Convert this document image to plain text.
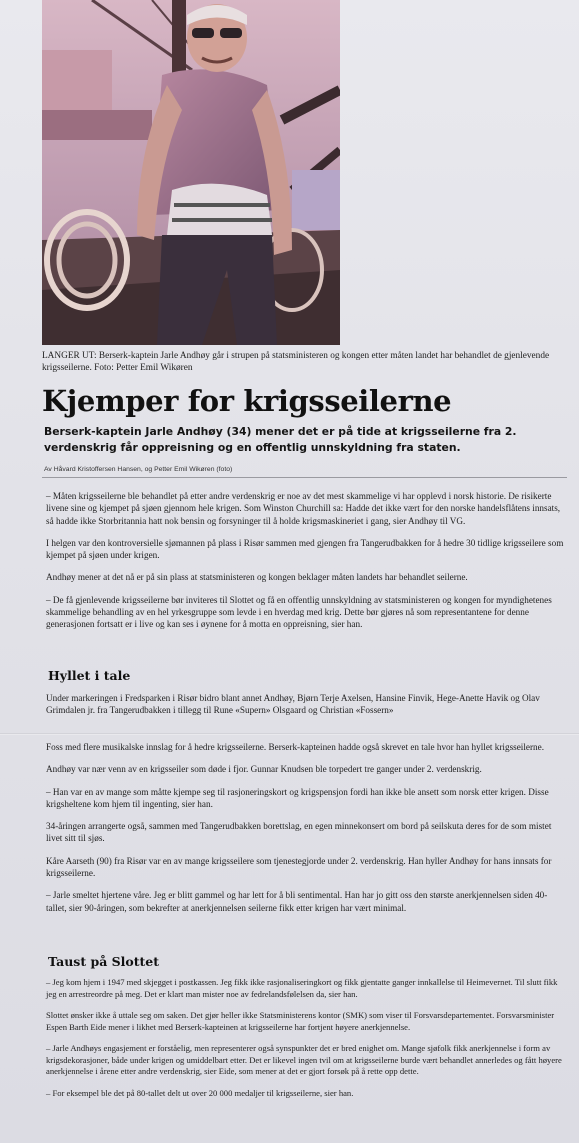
LANGER UT: Berserk-kaptein Jarle Andhøy går i strupen på statsministeren og kongen etter måten landet har behandlet de gjenlevende krigsseilerne. Foto: Petter Emil Wikøren
Kjemper for krigsseilerne
Berserk-kaptein Jarle Andhøy (34) mener det er på tide at krigsseilerne fra 2. verdenskrig får oppreisning og en offentlig unnskyldning fra staten.
Av Håvard Kristoffersen Hansen, og Petter Emil Wikøren (foto)

– Måten krigsseilerne ble behandlet på etter andre verdenskrig er noe av det mest skammelige vi har opplevd i norsk historie. De risikerte livene sine og kjempet på sjøen gjennom hele krigen. Som Winston Churchill sa: Hadde det ikke vært for den norske handelsflåtens innsats, så hadde ikke Storbritannia hatt nok bensin og forsyninger til å holde krigsmaskineriet i gang, sier Andhøy til VG.

I helgen var den kontroversielle sjømannen på plass i Risør sammen med gjengen fra Tangerudbakken for å hedre 30 tidlige krigsseilere som kjempet på sjøen under krigen.

Andhøy mener at det nå er på sin plass at statsministeren og kongen beklager måten landets har behandlet seilerne.

– De få gjenlevende krigsseilerne bør inviteres til Slottet og få en offentlig unnskyldning av statsministeren og kongen for myndighetenes skammelige behandling av en hel yrkesgruppe som levde i en hverdag med krig. Dette bør gjøres nå som representantene for denne generasjonen fortsatt er i live og kan ses i øynene for å motta en oppreisning, sier han.

Hyllet i tale

Under markeringen i Fredsparken i Risør bidro blant annet Andhøy, Bjørn Terje Axelsen, Hansine Finvik, Hege-Anette Havik og Olav Grimdalen jr. fra Tangerudbakken i tillegg til Rune «Supern» Olsgaard og Christian «Fossern»

Foss med flere musikalske innslag for å hedre krigsseilerne. Berserk-kapteinen hadde også skrevet en tale hvor han hyllet krigsseilerne.

Andhøy var nær venn av en krigsseiler som døde i fjor. Gunnar Knudsen ble torpedert tre ganger under 2. verdenskrig.

– Han var en av mange som måtte kjempe seg til rasjoneringskort og krigspensjon fordi han ikke ble ansett som norsk etter krigen. Disse krigsheltene kom hjem til ingenting, sier han.

34-åringen arrangerte også, sammen med Tangerudbakken borettslag, en egen minnekonsert om bord på seilskuta deres for de som mistet livet sitt til sjøs.

Kåre Aarseth (90) fra Risør var en av mange krigsseilere som tjenestegjorde under 2. verdenskrig. Han hyller Andhøy for hans innsats for krigsseilerne.

– Jarle smeltet hjertene våre. Jeg er blitt gammel og har lett for å bli sentimental. Han har jo gitt oss den største anerkjennelsen siden 40-tallet, sier 90-åringen, som bekrefter at anerkjennelsen seilerne fikk etter krigen har vært minimal.

Taust på Slottet

– Jeg kom hjem i 1947 med skjegget i postkassen. Jeg fikk ikke rasjonaliseringkort og fikk gjentatte ganger innkallelse til Heimevernet. Til slutt fikk jeg en arrestreordre på meg. Det er klart man mister noe av fedrelandsfølelsen da, sier han.

Slottet ønsker ikke å uttale seg om saken. Det gjør heller ikke Statsministerens kontor (SMK) som viser til Forsvarsdepartementet. Forsvarsminister Espen Barth Eide mener i likhet med Berserk-kapteinen at krigsseilerne har fortjent høyere anerkjennelse.

– Jarle Andhøys engasjement er forståelig, men representerer også synspunkter det er bred enighet om. Mange sjøfolk fikk anerkjennelse i form av krigsdekorasjoner, både under krigen og umiddelbart etter. Det er likevel ingen tvil om at krigsseilerne burde vært behandlet annerledes og fått høyere anerkjennelse i årene etter andre verdenskrig, sier Eide, som mener at det er gjort forsøk på å rette opp dette.

– For eksempel ble det på 80-tallet delt ut over 20 000 medaljer til krigsseilerne, sier han.
